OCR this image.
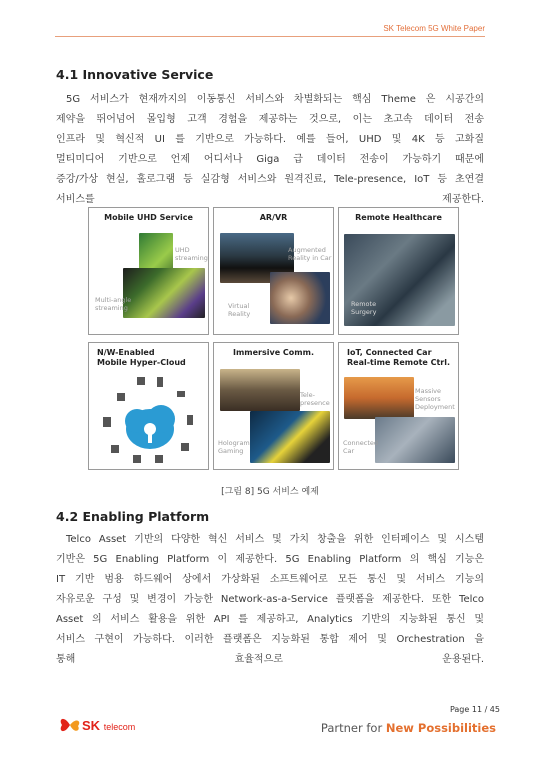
SK Telecom 5G White Paper
4.1 Innovative Service
5G 서비스가 현재까지의 이동통신 서비스와 차별화되는 핵심 Theme 은 시공간의
제약을 뛰어넘어 몰입형 고객 경험을 제공하는 것으로, 이는 초고속 데이터 전송
인프라 및 혁신적 UI 를 기반으로 가능하다. 예를 들어, UHD 및 4K 등 고화질
멀티미디어 기반으로 언제 어디서나 Giga 급 데이터 전송이 가능하기 때문에
증강/가상 현실, 홀로그램 등 실감형 서비스와 원격진료, Tele-presence, IoT 등 초연결
서비스를 제공한다.
Mobile UHD Service
UHD
streaming
Multi-angle
streaming
AR/VR
Augmented
Reality in Car
Virtual
Reality
Remote Healthcare
Remote
Surgery
N/W-Enabled
Mobile Hyper-Cloud
Immersive Comm.
Tele-
presence
Hologram
Gaming
IoT, Connected Car
Real-time Remote Ctrl.
Massive
Sensors
Deployment
Connected
Car
[그림 8] 5G 서비스 예제
4.2 Enabling Platform
Telco Asset 기반의 다양한 혁신 서비스 및 가치 창출을 위한 인터페이스 및 시스템
기반은 5G Enabling Platform 이 제공한다. 5G Enabling Platform 의 핵심 기능은
IT 기반 범용 하드웨어 상에서 가상화된 소프트웨어로 모든 통신 및 서비스 기능의
자유로운 구성 및 변경이 가능한 Network-as-a-Service 플랫폼을 제공한다. 또한 Telco
Asset 의 서비스 활용을 위한 API 를 제공하고, Analytics 기반의 지능화된 통신 및
서비스 구현이 가능하다. 이러한 플랫폼은 지능화된 통합 제어 및 Orchestration 을
통해 효율적으로 운용된다.
Page 11 / 45
SK telecom	Partner for New Possibilities
